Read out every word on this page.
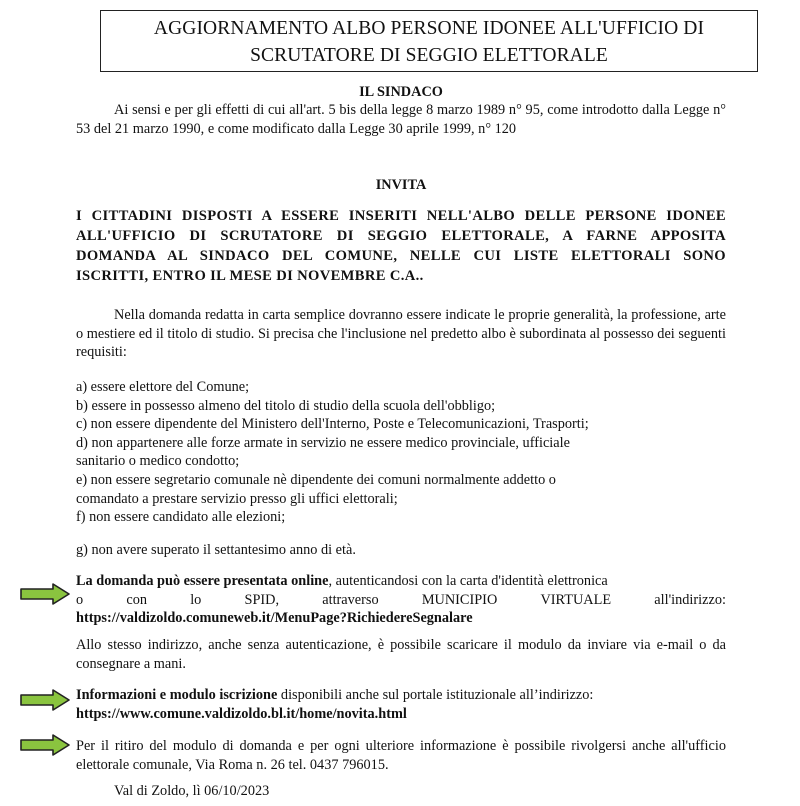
AGGIORNAMENTO ALBO PERSONE IDONEE ALL'UFFICIO DI
SCRUTATORE DI SEGGIO ELETTORALE
IL SINDACO
Ai sensi e per gli effetti di cui all'art. 5 bis della legge 8 marzo 1989 n° 95, come introdotto dalla Legge n° 53 del 21 marzo 1990, e come modificato dalla Legge 30 aprile 1999, n° 120
INVITA
I CITTADINI DISPOSTI A ESSERE INSERITI NELL'ALBO DELLE PERSONE IDONEE ALL'UFFICIO DI SCRUTATORE DI SEGGIO ELETTORALE, A FARNE APPOSITA DOMANDA AL SINDACO DEL COMUNE, NELLE CUI LISTE ELETTORALI SONO ISCRITTI, ENTRO IL MESE DI NOVEMBRE C.A..
Nella domanda redatta in carta semplice dovranno essere indicate le proprie generalità, la professione, arte o mestiere ed il titolo di studio. Si precisa che l'inclusione nel predetto albo è subordinata al possesso dei seguenti requisiti:
a) essere elettore del Comune;
b) essere in possesso almeno del titolo di studio della scuola dell'obbligo;
c) non essere dipendente del Ministero dell'Interno, Poste e Telecomunicazioni, Trasporti;
d) non appartenere alle forze armate in servizio ne essere medico provinciale, ufficiale
sanitario o medico condotto;
e) non essere segretario comunale nè dipendente dei comuni normalmente addetto o
comandato a prestare servizio presso gli uffici elettorali;
f) non essere candidato alle elezioni;
g) non avere superato il settantesimo anno di età.
La domanda può essere presentata online, autenticandosi con la carta d'identità elettronica
o	con	lo	SPID,	attraverso	MUNICIPIO	VIRTUALE	all'indirizzo:
https://valdizoldo.comuneweb.it/MenuPage?RichiedereSegnalare
Allo stesso indirizzo, anche senza autenticazione, è possibile scaricare il modulo da inviare via e-mail o da consegnare a mani.
Informazioni e modulo iscrizione disponibili anche sul portale istituzionale all’indirizzo:
https://www.comune.valdizoldo.bl.it/home/novita.html
Per il ritiro del modulo di domanda e per ogni ulteriore informazione è possibile rivolgersi anche all'ufficio elettorale comunale, Via Roma n. 26 tel. 0437 796015.
Val di Zoldo, lì 06/10/2023
